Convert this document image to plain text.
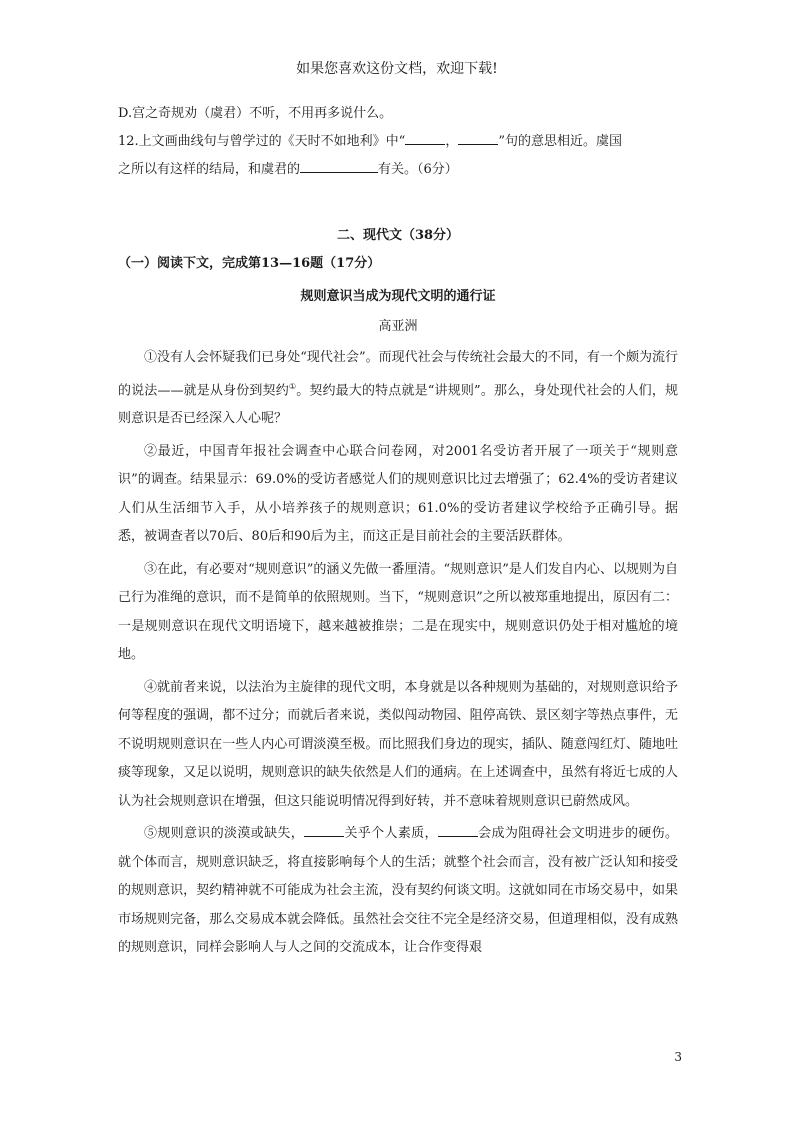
如果您喜欢这份文档，欢迎下载!

D.宫之奇规劝（虞君）不听，不用再多说什么。

12.上文画曲线句与曾学过的《天时不如地利》中“	，	”句的意思相近。虞国

之所以有这样的结局，和虞君的	有关。（6分）

二、现代文（38分）
（一）阅读下文，完成第13—16题（17分）
规则意识当成为现代文明的通行证
高亚洲

①没有人会怀疑我们已身处“现代社会”。而现代社会与传统社会最大的不同，有一个颇为流行的说法——就是从身份到契约①。契约最大的特点就是“讲规则”。那么，身处现代社会的人们，规则意识是否已经深入人心呢？

②最近，中国青年报社会调查中心联合问卷网，对2001名受访者开展了一项关于“规则意识”的调查。结果显示：69.0%的受访者感觉人们的规则意识比过去增强了；62.4%的受访者建议人们从生活细节入手，从小培养孩子的规则意识；61.0%的受访者建议学校给予正确引导。据悉，被调查者以70后、80后和90后为主，而这正是目前社会的主要活跃群体。

③在此，有必要对“规则意识”的涵义先做一番厘清。“规则意识”是人们发自内心、以规则为自己行为准绳的意识，而不是简单的依照规则。当下，“规则意识”之所以被郑重地提出，原因有二：一是规则意识在现代文明语境下，越来越被推崇；二是在现实中，规则意识仍处于相对尴尬的境地。

④就前者来说，以法治为主旋律的现代文明，本身就是以各种规则为基础的，对规则意识给予何等程度的强调，都不过分；而就后者来说，类似闯动物园、阻停高铁、景区刻字等热点事件，无不说明规则意识在一些人内心可谓淡漠至极。而比照我们身边的现实，插队、随意闯红灯、随地吐痰等现象，又足以说明，规则意识的缺失依然是人们的通病。在上述调查中，虽然有将近七成的人认为社会规则意识在增强，但这只能说明情况得到好转，并不意味着规则意识已蔚然成风。

⑤规则意识的淡漠或缺失，	关乎个人素质，	会成为阻碍社会文明进步的硬伤。就个体而言，规则意识缺乏，将直接影响每个人的生活；就整个社会而言，没有被广泛认知和接受的规则意识，契约精神就不可能成为社会主流，没有契约何谈文明。这就如同在市场交易中，如果市场规则完备，那么交易成本就会降低。虽然社会交往不完全是经济交易，但道理相似，没有成熟的规则意识，同样会影响人与人之间的交流成本，让合作变得艰

3
